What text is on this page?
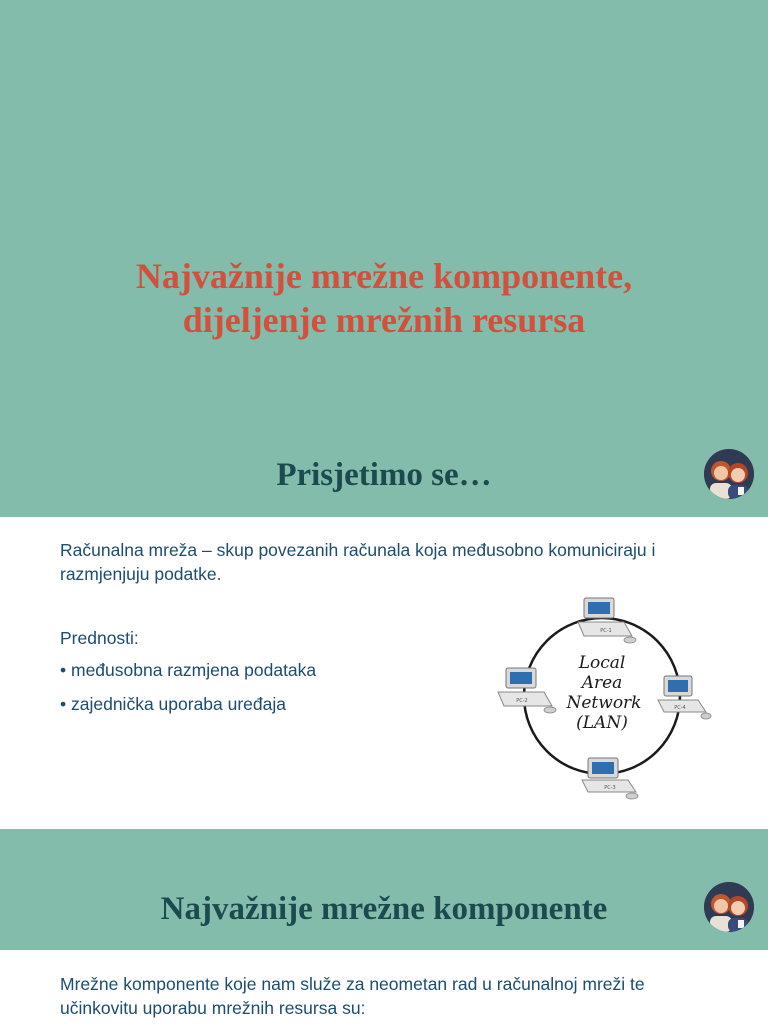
Najvažnije mrežne komponente,
dijeljenje mrežnih resursa
Prisjetimo se…

Računalna mreža – skup povezanih računala koja međusobno komuniciraju i razmjenjuju podatke.

Prednosti:

• međusobna razmjena podataka

• zajednička uporaba uređaja

PC-1
PC-2
PC-3
PC-4
Local
Area
Network
(LAN)
Najvažnije mrežne komponente

Mrežne komponente koje nam služe za neometan rad u računalnoj mreži te učinkovitu uporabu mrežnih resursa su:
